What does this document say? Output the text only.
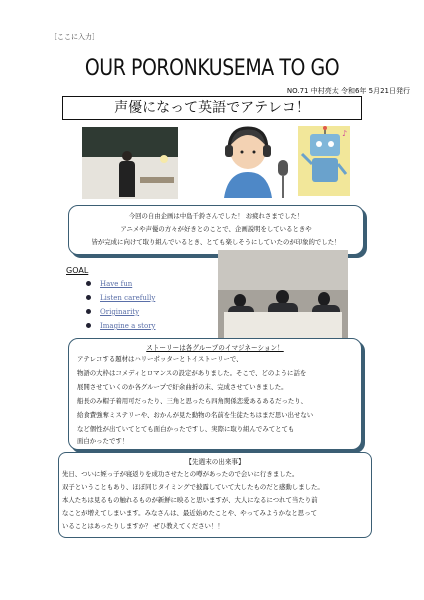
［ここに入力］
OUR PORONKUSEMA TO GO
NO.71 中村亮太 令和6年 5月21日発行
声優になって英語でアテレコ！
♪
今回の自由企画は中島千鈴さんでした！ お疲れさまでした！
アニメや声優の方々が好きとのことで、企画説明をしているときや
皆が完成に向けて取り組んでいるとき、とても楽しそうにしていたのが印象的でした！
GOAL
Have fun
Listen carefully
Originarity
Imagine a story
ストーリーは各グループのイマジネーション！
アテレコする題材はハリーポッターとトイストーリーで、
物語の大枠はコメディとロマンスの設定がありました。そこで、どのように話を
展開させていくのか各グループで紆余曲折の末、完成させていきました。
船長のみ帽子着用可だったり、三角と思ったら四角関係恋愛あるあるだったり、
給食費強奪ミステリーや、おかんが見た動物の名前を生徒たちはまだ思い出せない
など個性が出ていてとても面白かったですし、実際に取り組んでみてとても
面白かったです！
【先週末の出来事】
先日、ついに姪っ子が寝返りを成功させたとの噂があったので会いに行きました。
双子ということもあり、ほぼ同じタイミングで披露していて大したものだと感動しました。
本人たちは見るもの触れるものが新鮮に映ると思いますが、大人になるにつれて当たり前
なことが増えてしまいます。みなさんは、最近始めたことや、やってみようかなと思って
いることはあったりしますか？ ぜひ教えてください！！
